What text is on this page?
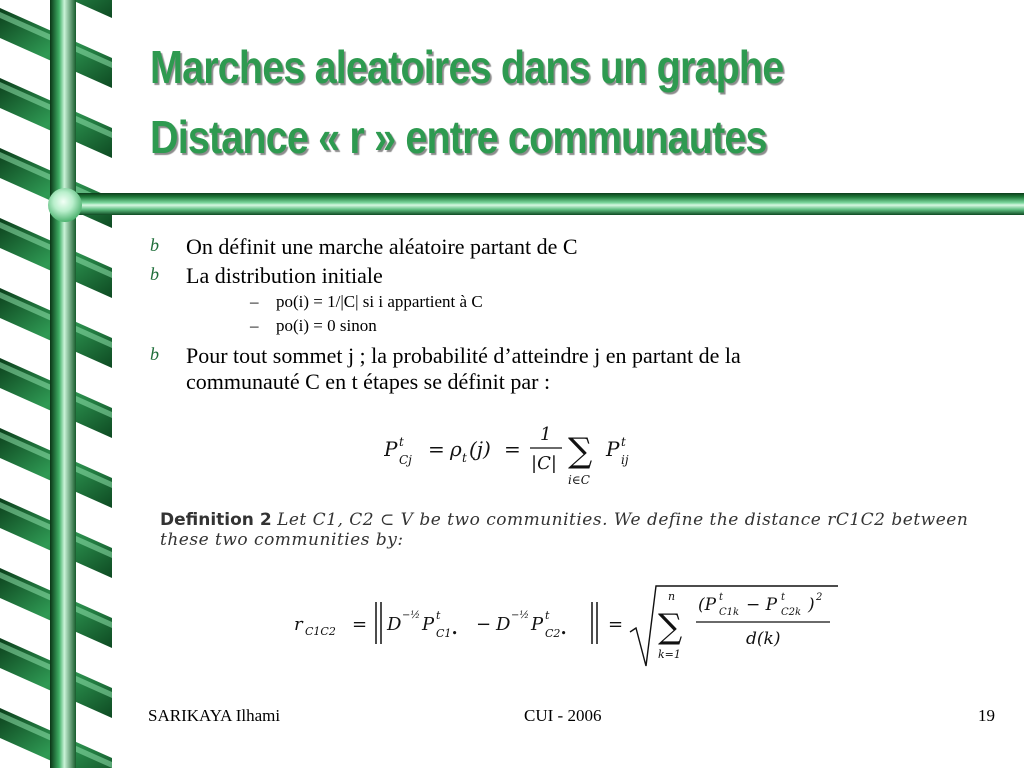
Marches aleatoires dans un graphe
Distance « r » entre communautes
b On définit une marche aléatoire partant de C
b La distribution initiale
– po(i) = 1/|C| si i appartient à C
– po(i) = 0 sinon
b Pour tout sommet j ; la probabilité d’atteindre j en partant de la
communauté C en t étapes se définit par :
P t
Cj = ρ t (j) =
1
|C| ∑
i∈C
P t
ij
Definition 2 Let C1, C2 ⊂ V be two communities. We define the distance rC1C2 between these two communities by:
r C1C2 = D −½ P t
C1• − D −½ P t
C2• =
n
∑
k=1
(P t
C1k − P t
C2k ) 2
d(k)
SARIKAYA Ilhami	CUI - 2006	19
